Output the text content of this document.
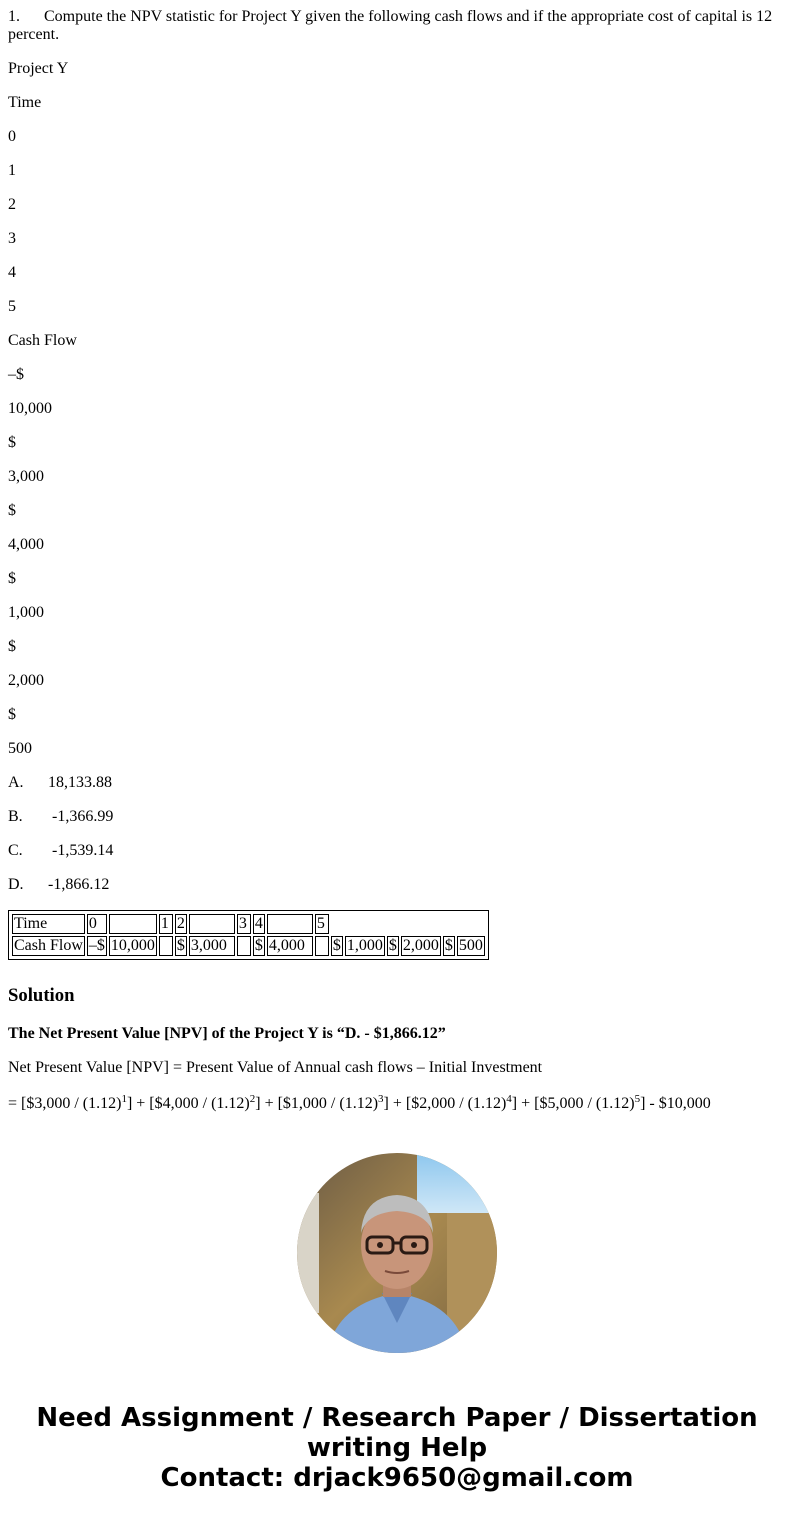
1. Compute the NPV statistic for Project Y given the following cash flows and if the appropriate cost of capital is 12 percent.

Project Y

Time

0

1

2

3

4

5

Cash Flow

–$

10,000

$

3,000

$

4,000

$

1,000

$

2,000

$

500

A. 18,133.88

B. -1,366.99

C. -1,539.14

D. -1,866.12

Time	0		1	2		3	4		5						
Cash Flow	–$	10,000		$	3,000		$	4,000		$	1,000	$	2,000	$	500
Solution

The Net Present Value [NPV] of the Project Y is “D. - $1,866.12”

Net Present Value [NPV] = Present Value of Annual cash flows – Initial Investment

= [$3,000 / $(1.12)^1$] + [$4,000 / $(1.12)^2$] + [$1,000 / $(1.12)^3$] + [$2,000 / $(1.12)^4$] + [$5,000 / $(1.12)^5$] - $10,000

Need Assignment / Research Paper / Dissertation
writing Help
Contact: drjack9650@gmail.com
